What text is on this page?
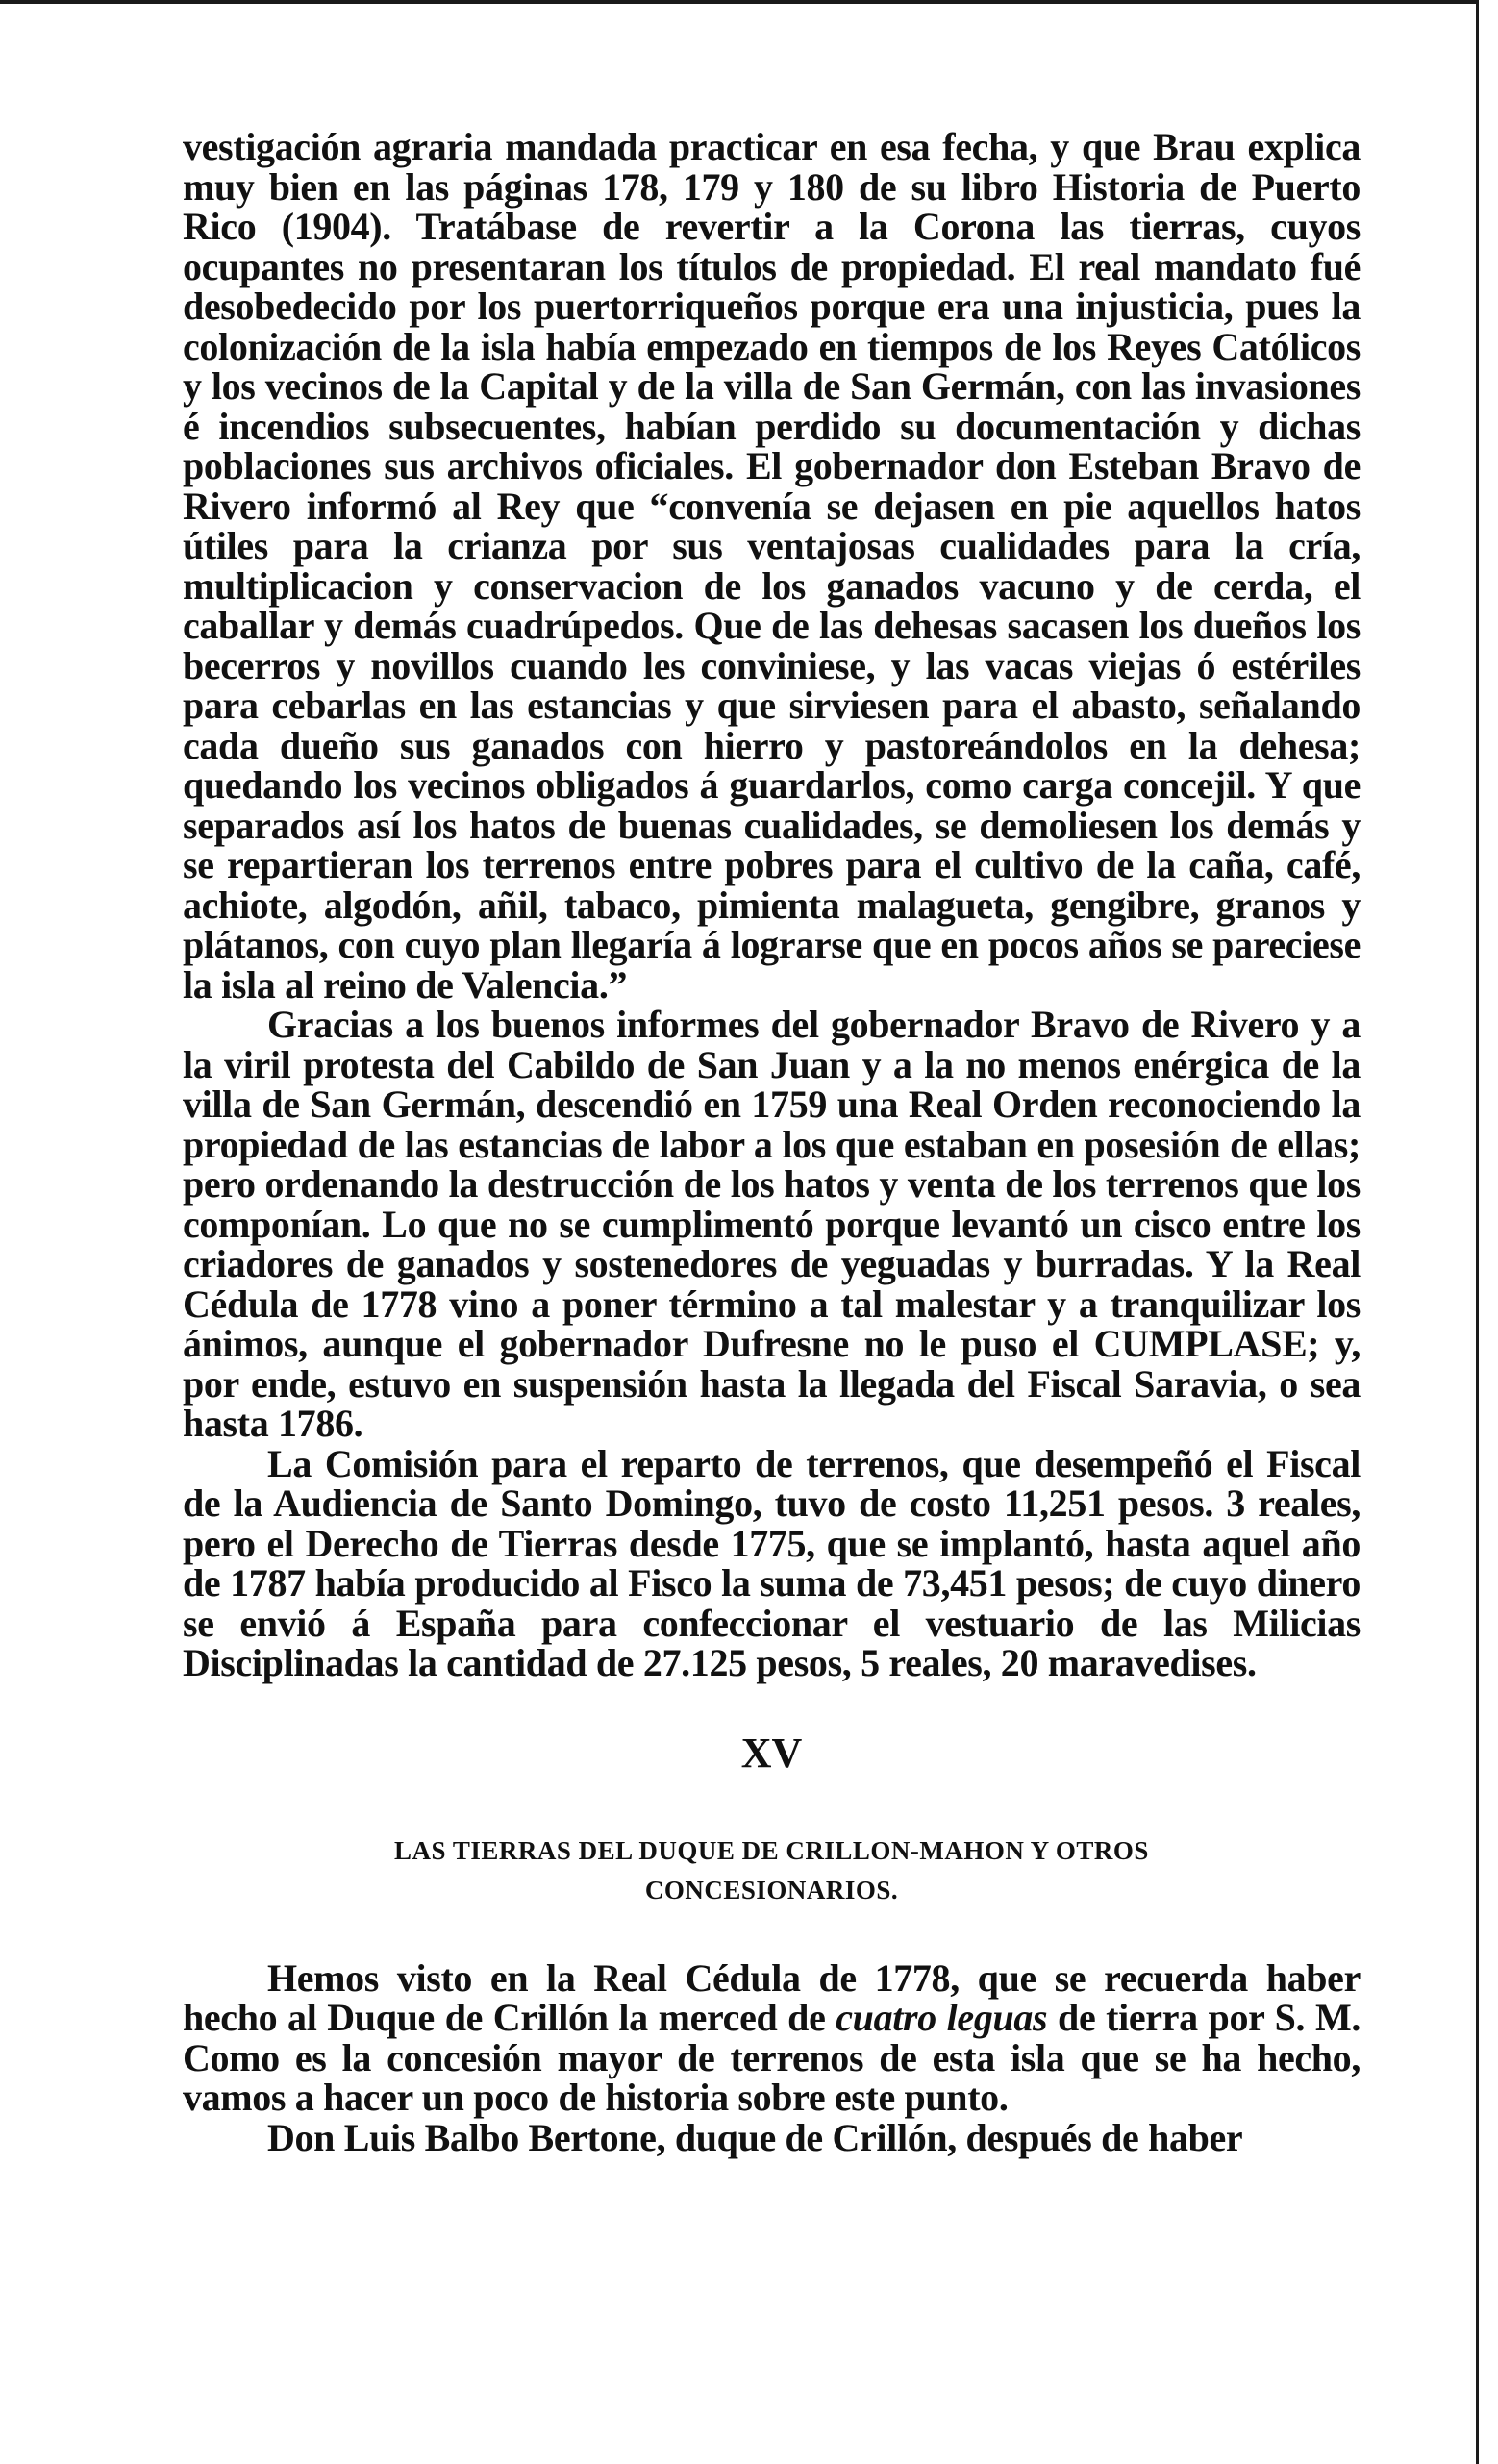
vestigación agraria mandada practicar en esa fecha, y que Brau explica muy bien en las páginas 178, 179 y 180 de su libro Historia de Puerto Rico (1904). Tratábase de revertir a la Corona las tierras, cuyos ocupantes no presentaran los títulos de propiedad. El real mandato fué desobedecido por los puertorriqueños porque era una injusticia, pues la colonización de la isla había empezado en tiempos de los Reyes Católicos y los vecinos de la Capital y de la villa de San Germán, con las invasiones é incendios subsecuentes, habían perdido su documentación y dichas poblaciones sus archivos oficiales. El gobernador don Esteban Bravo de Rivero informó al Rey que “convenía se dejasen en pie aquellos hatos útiles para la crianza por sus ventajosas cualidades para la cría, multiplicacion y conservacion de los ganados vacuno y de cerda, el caballar y demás cuadrúpedos. Que de las dehesas sacasen los dueños los becerros y novillos cuando les conviniese, y las vacas viejas ó estériles para cebarlas en las estancias y que sirviesen para el abasto, señalando cada dueño sus ganados con hierro y pastoreándolos en la dehesa; quedando los vecinos obligados á guardarlos, como carga concejil. Y que separados así los hatos de buenas cualidades, se demoliesen los demás y se repartieran los terrenos entre pobres para el cultivo de la caña, café, achiote, algodón, añil, tabaco, pimienta malagueta, gengibre, granos y plátanos, con cuyo plan llegaría á lograrse que en pocos años se pareciese la isla al reino de Valencia.”

Gracias a los buenos informes del gobernador Bravo de Rivero y a la viril protesta del Cabildo de San Juan y a la no menos enérgica de la villa de San Germán, descendió en 1759 una Real Orden reconociendo la propiedad de las estancias de labor a los que estaban en posesión de ellas; pero ordenando la destrucción de los hatos y venta de los terrenos que los componían. Lo que no se cumplimentó porque levantó un cisco entre los criadores de ganados y sostenedores de yeguadas y burradas. Y la Real Cédula de 1778 vino a poner término a tal malestar y a tranquilizar los ánimos, aunque el gobernador Dufresne no le puso el CUMPLASE; y, por ende, estuvo en suspensión hasta la llegada del Fiscal Saravia, o sea hasta 1786.

La Comisión para el reparto de terrenos, que desempeñó el Fiscal de la Audiencia de Santo Domingo, tuvo de costo 11,251 pesos. 3 reales, pero el Derecho de Tierras desde 1775, que se implantó, hasta aquel año de 1787 había producido al Fisco la suma de 73,451 pesos; de cuyo dinero se envió á España para confeccionar el vestuario de las Milicias Disciplinadas la cantidad de 27.125 pesos, 5 reales, 20 maravedises.

XV
LAS TIERRAS DEL DUQUE DE CRILLON-MAHON Y OTROS
CONCESIONARIOS.

Hemos visto en la Real Cédula de 1778, que se recuerda haber hecho al Duque de Crillón la merced de cuatro leguas de tierra por S. M. Como es la concesión mayor de terrenos de esta isla que se ha hecho, vamos a hacer un poco de historia sobre este punto.

Don Luis Balbo Bertone, duque de Crillón, después de haber
